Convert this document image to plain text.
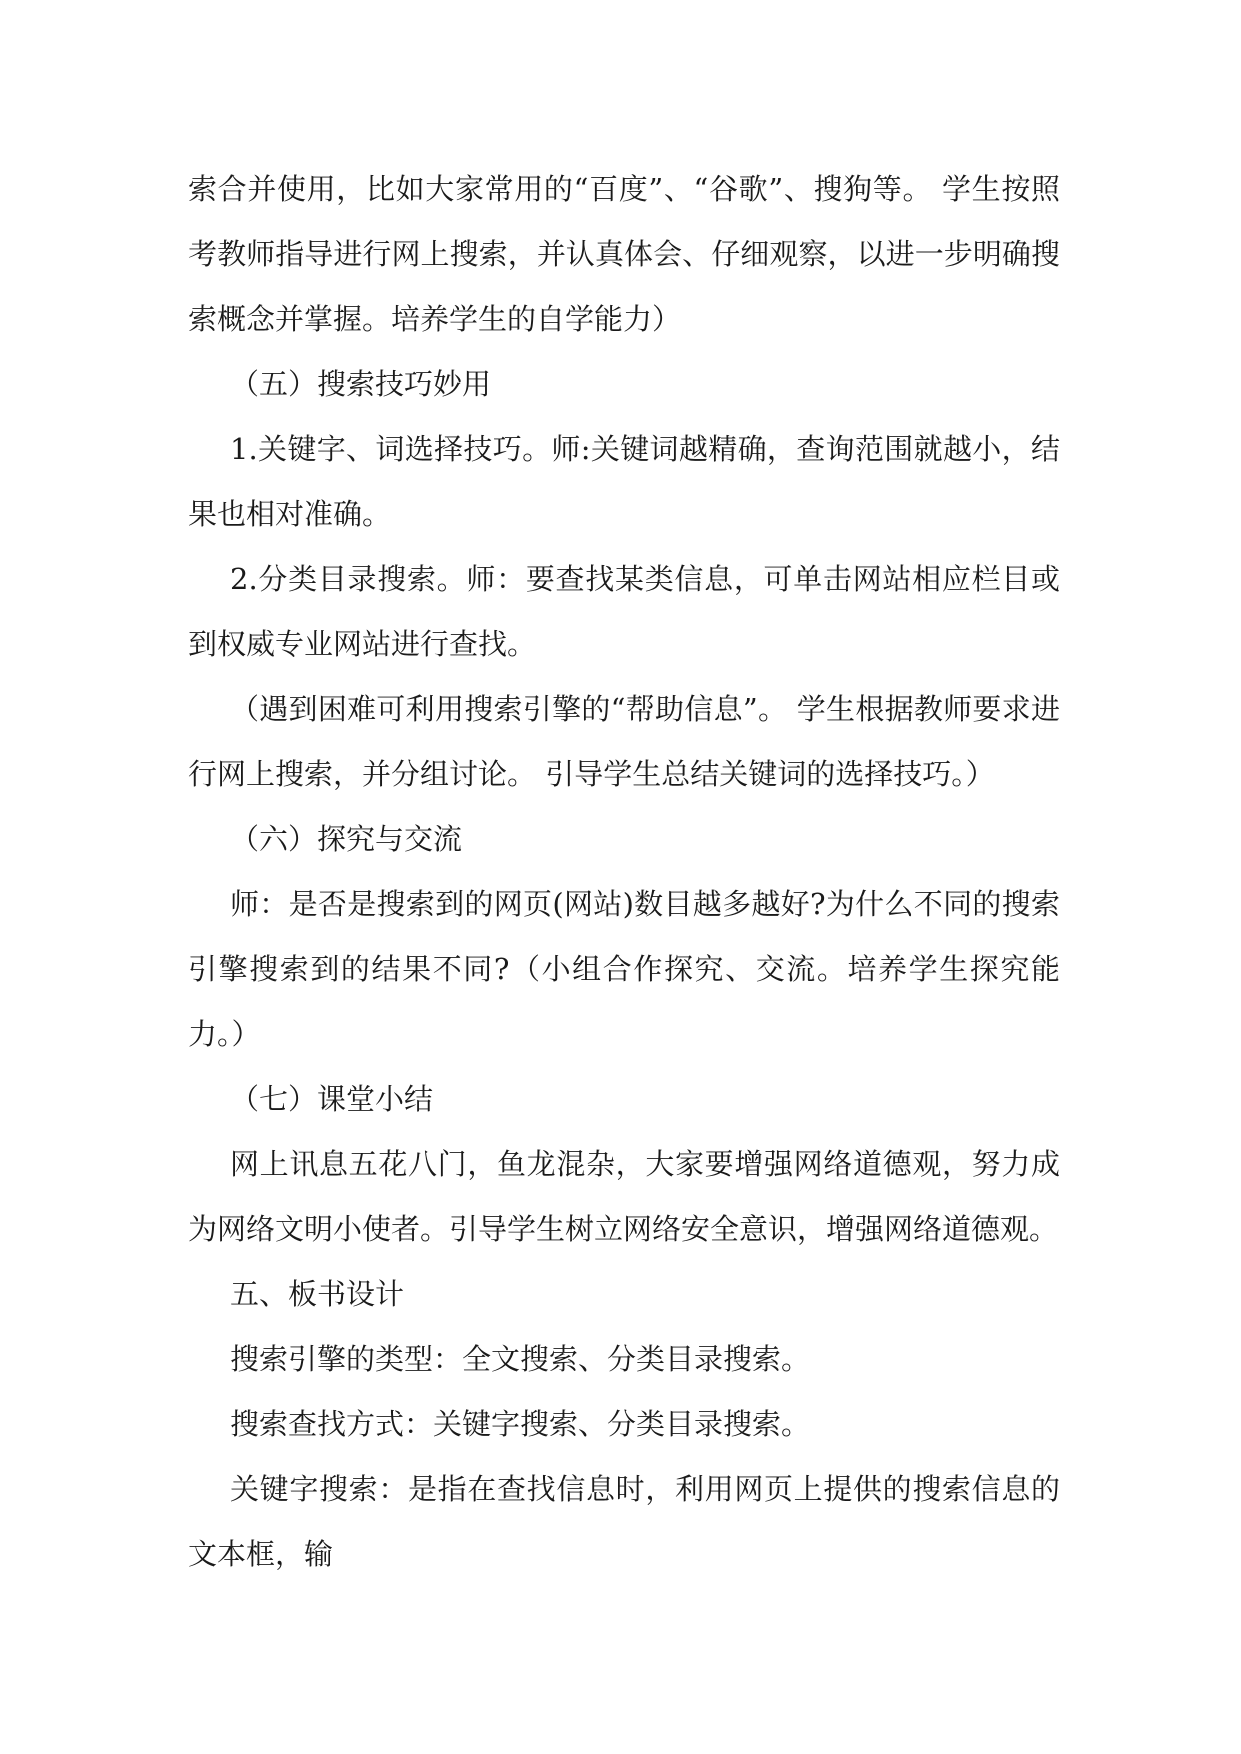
索合并使用，比如大家常用的“百度”、“谷歌”、搜狗等。 学生按照考教师指导进行网上搜索，并认真体会、仔细观察，以进一步明确搜索概念并掌握。培养学生的自学能力）

（五）搜索技巧妙用

1.关键字、词选择技巧。师:关键词越精确，查询范围就越小，结果也相对准确。

2.分类目录搜索。师：要查找某类信息，可单击网站相应栏目或到权威专业网站进行查找。

（遇到困难可利用搜索引擎的“帮助信息”。 学生根据教师要求进行网上搜索，并分组讨论。 引导学生总结关键词的选择技巧。）

（六）探究与交流

师：是否是搜索到的网页(网站)数目越多越好?为什么不同的搜索引擎搜索到的结果不同?（小组合作探究、交流。培养学生探究能力。）

（七）课堂小结

网上讯息五花八门，鱼龙混杂，大家要增强网络道德观，努力成为网络文明小使者。引导学生树立网络安全意识，增强网络道德观。

五、板书设计

搜索引擎的类型：全文搜索、分类目录搜索。

搜索查找方式：关键字搜索、分类目录搜索。

关键字搜索：是指在查找信息时，利用网页上提供的搜索信息的文本框，输
